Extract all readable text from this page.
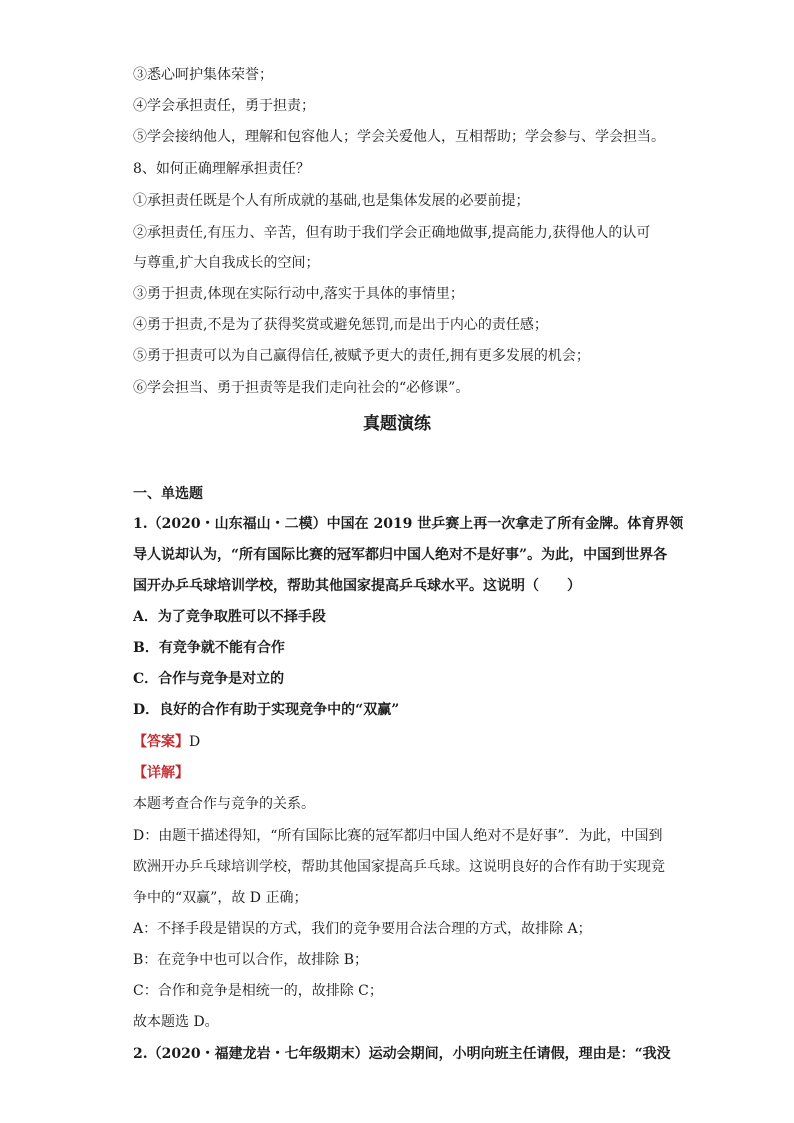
③悉心呵护集体荣誉；
④学会承担责任，勇于担责；
⑤学会接纳他人，理解和包容他人；学会关爱他人，互相帮助；学会参与、学会担当。
8、如何正确理解承担责任？
①承担责任既是个人有所成就的基础,也是集体发展的必要前提；
②承担责任,有压力、辛苦，但有助于我们学会正确地做事,提高能力,获得他人的认可
与尊重,扩大自我成长的空间；
③勇于担责,体现在实际行动中,落实于具体的事情里；
④勇于担责,不是为了获得奖赏或避免惩罚,而是出于内心的责任感；
⑤勇于担责可以为自己赢得信任,被赋予更大的责任,拥有更多发展的机会；
⑥学会担当、勇于担责等是我们走向社会的“必修课”。
真题演练
一、单选题
1.（2020・山东福山・二模）中国在 2019 世乒赛上再一次拿走了所有金牌。体育界领
导人说却认为，“所有国际比赛的冠军都归中国人绝对不是好事”。为此，中国到世界各
国开办乒乓球培训学校，帮助其他国家提高乒乓球水平。这说明（　　）
A．为了竞争取胜可以不择手段
B．有竞争就不能有合作
C．合作与竞争是对立的
D．良好的合作有助于实现竞争中的“双赢”
【答案】D
【详解】
本题考查合作与竞争的关系。
D：由题干描述得知，“所有国际比赛的冠军都归中国人绝对不是好事”．为此，中国到
欧洲开办乒乓球培训学校，帮助其他国家提高乒乓球。这说明良好的合作有助于实现竞
争中的“双赢”，故 D 正确；
A：不择手段是错误的方式，我们的竞争要用合法合理的方式，故排除 A；
B：在竞争中也可以合作，故排除 B；
C：合作和竞争是相统一的，故排除 C；
故本题选 D。
2.（2020・福建龙岩・七年级期末）运动会期间，小明向班主任请假，理由是：“我没
